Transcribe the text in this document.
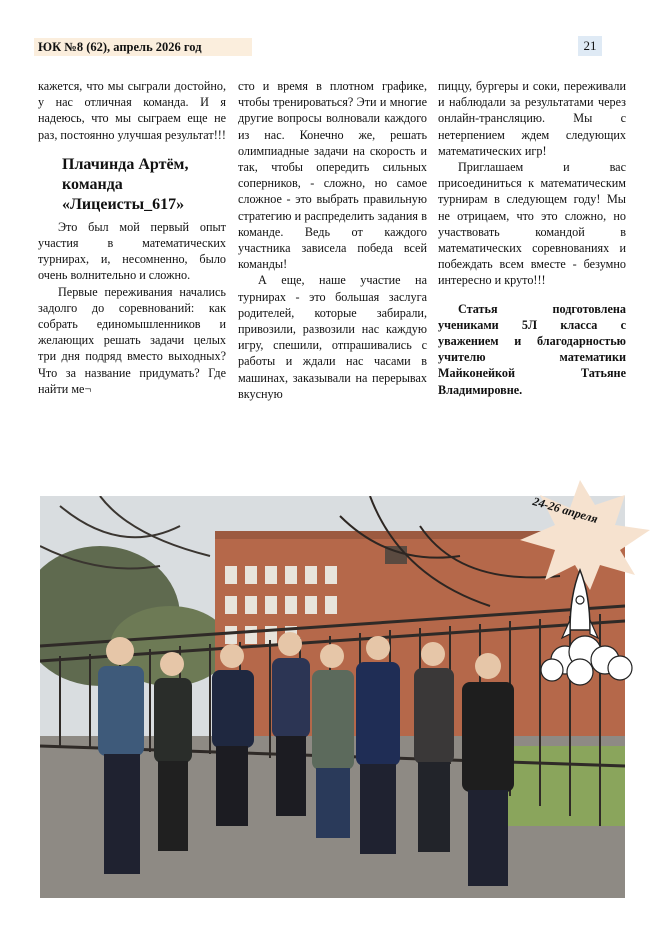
ЮК №8 (62), апрель 2026 год	21

кажется, что мы сыграли достойно, у нас отличная команда. И я надеюсь, что мы сыграем еще не раз, постоянно улучшая результат!!!

Плачинда Артём, команда «Лицеисты_617»

Это был мой первый опыт участия в математических турнирах, и, несомненно, было очень волнительно и сложно.

Первые переживания начались задолго до соревнований: как собрать единомышленников и желающих решать задачи целых три дня подряд вместо выходных? Что за название придумать? Где найти ме¬

сто и время в плотном графике, чтобы тренироваться? Эти и многие другие вопросы волновали каждого из нас. Конечно же, решать олимпиадные задачи на скорость и так, чтобы опередить сильных соперников, - сложно, но самое сложное - это выбрать правильную стратегию и распределить задания в команде. Ведь от каждого участника зависела победа всей команды!

А еще, наше участие на турнирах - это большая заслуга родителей, которые забирали, привозили, развозили нас каждую игру, спешили, отпрашивались с работы и ждали нас часами в машинах, заказывали на перерывах вкусную

пиццу, бургеры и соки, переживали и наблюдали за результатами через онлайн-трансляцию. Мы с нетерпением ждем следующих математических игр!

Приглашаем и вас присоединиться к математическим турнирам в следующем году! Мы не отрицаем, что это сложно, но участвовать командой в математических соревнованиях и побеждать всем вместе - безумно интересно и круто!!!

Статья подготовлена учениками 5Л класса с уважением и благодарностью учителю математики Майконейкой Татьяне Владимировне.

24-26 апреля
